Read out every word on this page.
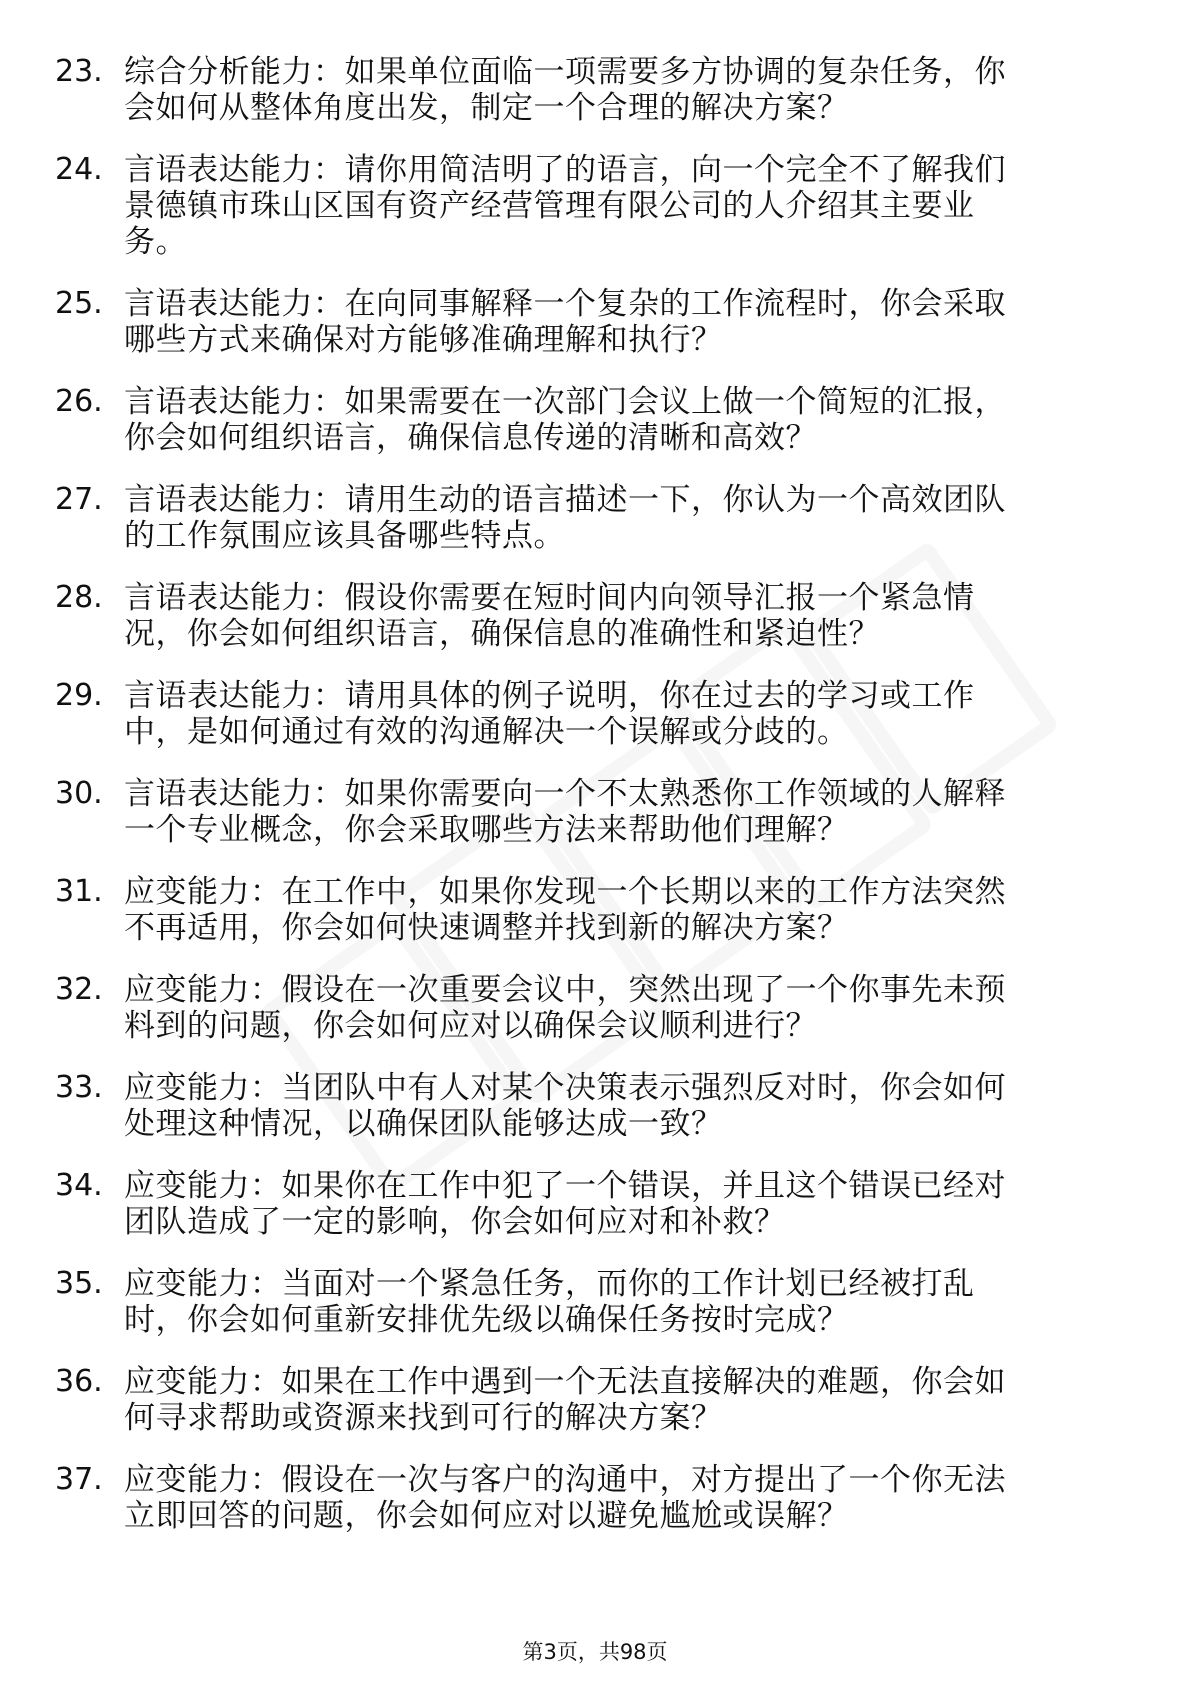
23. 综合分析能力：如果单位面临一项需要多方协调的复杂任务，你
会如何从整体角度出发，制定一个合理的解决方案？
24. 言语表达能力：请你用简洁明了的语言，向一个完全不了解我们
景德镇市珠山区国有资产经营管理有限公司的人介绍其主要业
务。
25. 言语表达能力：在向同事解释一个复杂的工作流程时，你会采取
哪些方式来确保对方能够准确理解和执行？
26. 言语表达能力：如果需要在一次部门会议上做一个简短的汇报，
你会如何组织语言，确保信息传递的清晰和高效？
27. 言语表达能力：请用生动的语言描述一下，你认为一个高效团队
的工作氛围应该具备哪些特点。
28. 言语表达能力：假设你需要在短时间内向领导汇报一个紧急情
况，你会如何组织语言，确保信息的准确性和紧迫性？
29. 言语表达能力：请用具体的例子说明，你在过去的学习或工作
中，是如何通过有效的沟通解决一个误解或分歧的。
30. 言语表达能力：如果你需要向一个不太熟悉你工作领域的人解释
一个专业概念，你会采取哪些方法来帮助他们理解？
31. 应变能力：在工作中，如果你发现一个长期以来的工作方法突然
不再适用，你会如何快速调整并找到新的解决方案？
32. 应变能力：假设在一次重要会议中，突然出现了一个你事先未预
料到的问题，你会如何应对以确保会议顺利进行？
33. 应变能力：当团队中有人对某个决策表示强烈反对时，你会如何
处理这种情况，以确保团队能够达成一致？
34. 应变能力：如果你在工作中犯了一个错误，并且这个错误已经对
团队造成了一定的影响，你会如何应对和补救？
35. 应变能力：当面对一个紧急任务，而你的工作计划已经被打乱
时，你会如何重新安排优先级以确保任务按时完成？
36. 应变能力：如果在工作中遇到一个无法直接解决的难题，你会如
何寻求帮助或资源来找到可行的解决方案？
37. 应变能力：假设在一次与客户的沟通中，对方提出了一个你无法
立即回答的问题，你会如何应对以避免尴尬或误解？
第3页，共98页
